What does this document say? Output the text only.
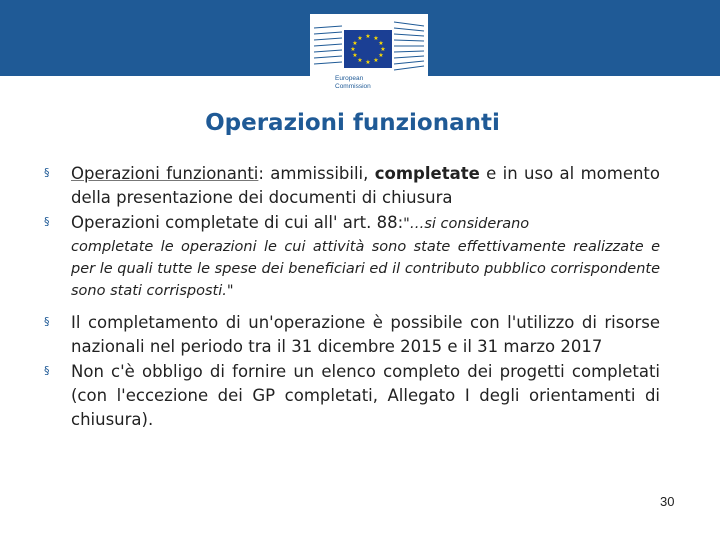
★ ★
★
★
★
★
★
★
★
★
★
★
European
Commission
Operazioni funzionanti
§ Operazioni funzionanti: ammissibili, completate e in uso al momento della presentazione dei documenti di chiusura
§ Operazioni completate di cui all' art. 88:"…si considerano
completate le operazioni le cui attività sono state effettivamente realizzate e per le quali tutte le spese dei beneficiari ed il contributo pubblico corrispondente sono stati corrisposti."
§ Il completamento di un'operazione è possibile con l'utilizzo di risorse nazionali nel periodo tra il 31 dicembre 2015 e il 31 marzo 2017
§ Non c'è obbligo di fornire un elenco completo dei progetti completati (con l'eccezione dei GP completati, Allegato I degli orientamenti di chiusura).
30
